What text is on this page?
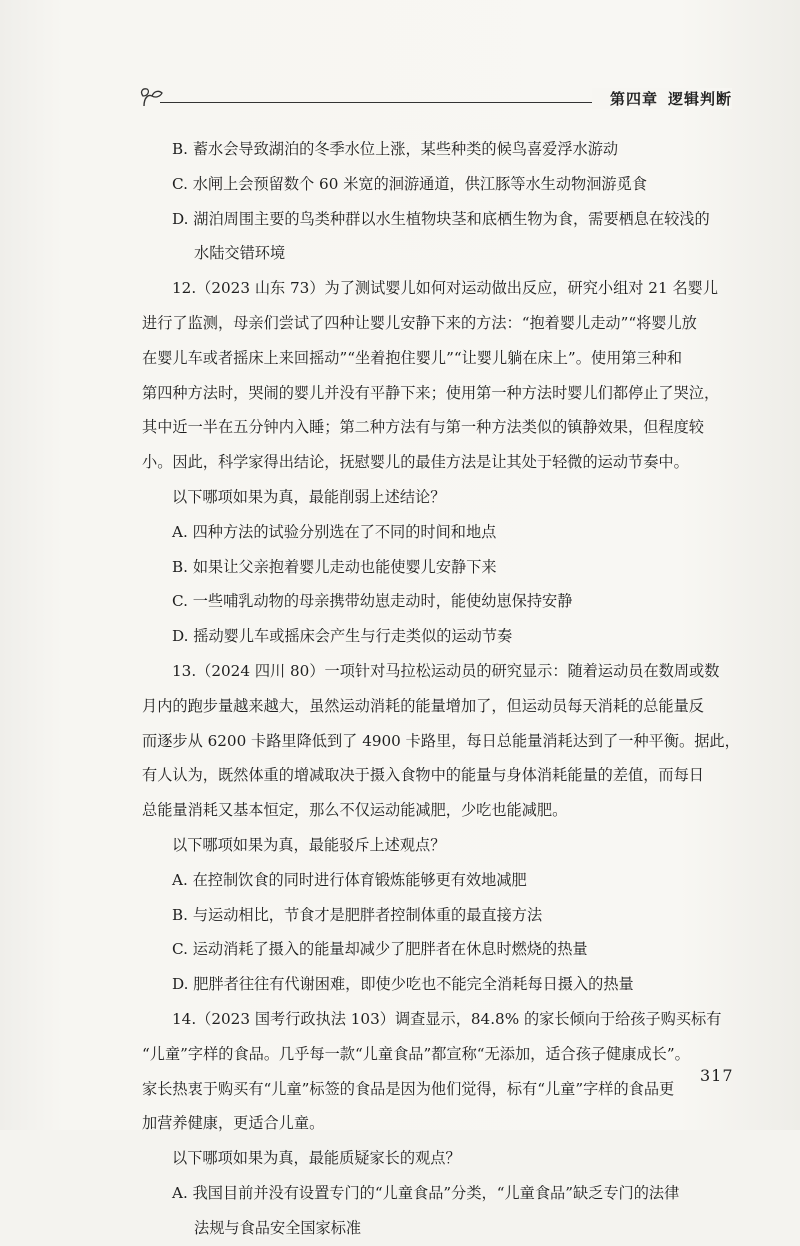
第四章 逻辑判断
B. 蓄水会导致湖泊的冬季水位上涨，某些种类的候鸟喜爱浮水游动
C. 水闸上会预留数个 60 米宽的洄游通道，供江豚等水生动物洄游觅食
D. 湖泊周围主要的鸟类种群以水生植物块茎和底栖生物为食，需要栖息在较浅的
水陆交错环境
12.（2023 山东 73）为了测试婴儿如何对运动做出反应，研究小组对 21 名婴儿
进行了监测，母亲们尝试了四种让婴儿安静下来的方法：“抱着婴儿走动”“将婴儿放
在婴儿车或者摇床上来回摇动”“坐着抱住婴儿”“让婴儿躺在床上”。使用第三种和
第四种方法时，哭闹的婴儿并没有平静下来；使用第一种方法时婴儿们都停止了哭泣，
其中近一半在五分钟内入睡；第二种方法有与第一种方法类似的镇静效果，但程度较
小。因此，科学家得出结论，抚慰婴儿的最佳方法是让其处于轻微的运动节奏中。
以下哪项如果为真，最能削弱上述结论？
A. 四种方法的试验分别选在了不同的时间和地点
B. 如果让父亲抱着婴儿走动也能使婴儿安静下来
C. 一些哺乳动物的母亲携带幼崽走动时，能使幼崽保持安静
D. 摇动婴儿车或摇床会产生与行走类似的运动节奏
13.（2024 四川 80）一项针对马拉松运动员的研究显示：随着运动员在数周或数
月内的跑步量越来越大，虽然运动消耗的能量增加了，但运动员每天消耗的总能量反
而逐步从 6200 卡路里降低到了 4900 卡路里，每日总能量消耗达到了一种平衡。据此，
有人认为，既然体重的增减取决于摄入食物中的能量与身体消耗能量的差值，而每日
总能量消耗又基本恒定，那么不仅运动能减肥，少吃也能减肥。
以下哪项如果为真，最能驳斥上述观点？
A. 在控制饮食的同时进行体育锻炼能够更有效地减肥
B. 与运动相比，节食才是肥胖者控制体重的最直接方法
C. 运动消耗了摄入的能量却减少了肥胖者在休息时燃烧的热量
D. 肥胖者往往有代谢困难，即使少吃也不能完全消耗每日摄入的热量
14.（2023 国考行政执法 103）调查显示，84.8% 的家长倾向于给孩子购买标有
“儿童”字样的食品。几乎每一款“儿童食品”都宣称“无添加，适合孩子健康成长”。
家长热衷于购买有“儿童”标签的食品是因为他们觉得，标有“儿童”字样的食品更
加营养健康，更适合儿童。
以下哪项如果为真，最能质疑家长的观点？
A. 我国目前并没有设置专门的“儿童食品”分类，“儿童食品”缺乏专门的法律
法规与食品安全国家标准
317
